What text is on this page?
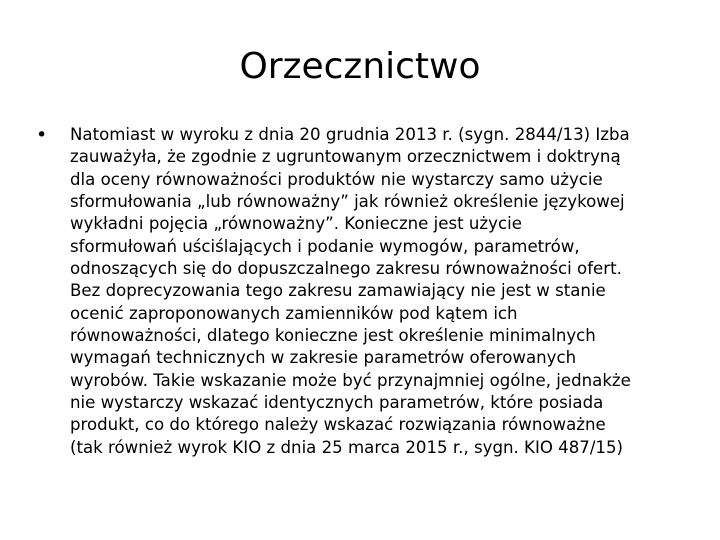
Orzecznictwo
•	Natomiast w wyroku z dnia 20 grudnia 2013 r. (sygn. 2844/13) Izba
zauważyła, że zgodnie z ugruntowanym orzecznictwem i doktryną
dla oceny równoważności produktów nie wystarczy samo użycie
sformułowania „lub równoważny” jak również określenie językowej
wykładni pojęcia „równoważny”. Konieczne jest użycie
sformułowań uściślających i podanie wymogów, parametrów,
odnoszących się do dopuszczalnego zakresu równoważności ofert.
Bez doprecyzowania tego zakresu zamawiający nie jest w stanie
ocenić zaproponowanych zamienników pod kątem ich
równoważności, dlatego konieczne jest określenie minimalnych
wymagań technicznych w zakresie parametrów oferowanych
wyrobów. Takie wskazanie może być przynajmniej ogólne, jednakże
nie wystarczy wskazać identycznych parametrów, które posiada
produkt, co do którego należy wskazać rozwiązania równoważne
(tak również wyrok KIO z dnia 25 marca 2015 r., sygn. KIO 487/15)
